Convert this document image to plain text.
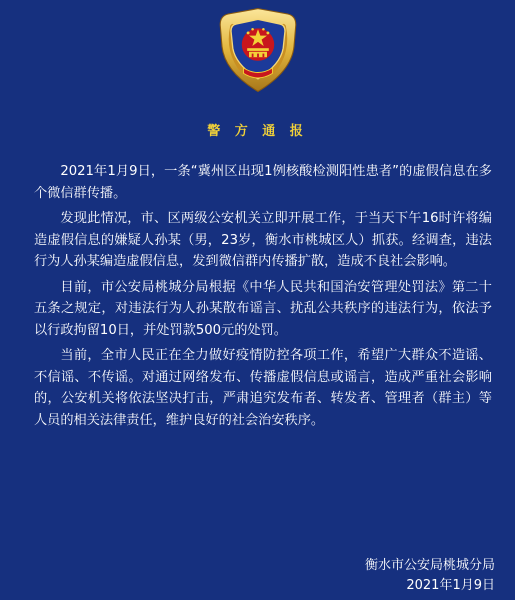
警 方 通 报

2021年1月9日，一条“冀州区出现1例核酸检测阳性患者”的虚假信息在多个微信群传播。

发现此情况，市、区两级公安机关立即开展工作，于当天下午16时许将编造虚假信息的嫌疑人孙某（男，23岁，衡水市桃城区人）抓获。经调查，违法行为人孙某编造虚假信息，发到微信群内传播扩散，造成不良社会影响。

目前，市公安局桃城分局根据《中华人民共和国治安管理处罚法》第二十五条之规定，对违法行为人孙某散布谣言、扰乱公共秩序的违法行为，依法予以行政拘留10日，并处罚款500元的处罚。

当前，全市人民正在全力做好疫情防控各项工作，希望广大群众不造谣、不信谣、不传谣。对通过网络发布、传播虚假信息或谣言，造成严重社会影响的，公安机关将依法坚决打击，严肃追究发布者、转发者、管理者（群主）等人员的相关法律责任，维护良好的社会治安秩序。

衡水市公安局桃城分局
2021年1月9日
